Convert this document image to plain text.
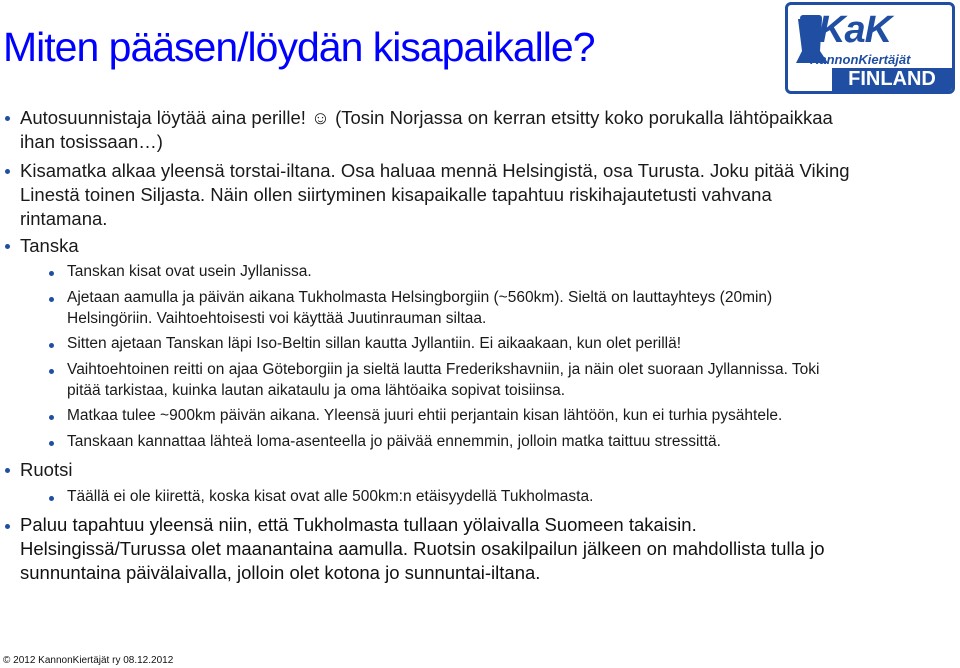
Miten pääsen/löydän kisapaikalle?	KaK
KannonKiertäjät
FINLAND

Autosuunnistaja löytää aina perille! ☺ (Tosin Norjassa on kerran etsitty koko porukalla lähtöpaikkaa

ihan tosissaan…)

Kisamatka alkaa yleensä torstai-iltana. Osa haluaa mennä Helsingistä, osa Turusta. Joku pitää Viking

Linestä toinen Siljasta. Näin ollen siirtyminen kisapaikalle tapahtuu riskihajautetusti vahvana

rintamana.

Tanska

Tanskan kisat ovat usein Jyllanissa.

Ajetaan aamulla ja päivän aikana Tukholmasta Helsingborgiin (~560km). Sieltä on lauttayhteys (20min)

Helsingöriin. Vaihtoehtoisesti voi käyttää Juutinrauman siltaa.

Sitten ajetaan Tanskan läpi Iso-Beltin sillan kautta Jyllantiin. Ei aikaakaan, kun olet perillä!

Vaihtoehtoinen reitti on ajaa Göteborgiin ja sieltä lautta Frederikshavniin, ja näin olet suoraan Jyllannissa. Toki

pitää tarkistaa, kuinka lautan aikataulu ja oma lähtöaika sopivat toisiinsa.

Matkaa tulee ~900km päivän aikana. Yleensä juuri ehtii perjantain kisan lähtöön, kun ei turhia pysähtele.

Tanskaan kannattaa lähteä loma-asenteella jo päivää ennemmin, jolloin matka taittuu stressittä.

Ruotsi

Täällä ei ole kiirettä, koska kisat ovat alle 500km:n etäisyydellä Tukholmasta.

Paluu tapahtuu yleensä niin, että Tukholmasta tullaan yölaivalla Suomeen takaisin.

Helsingissä/Turussa olet maanantaina aamulla. Ruotsin osakilpailun jälkeen on mahdollista tulla jo

sunnuntaina päivälaivalla, jolloin olet kotona jo sunnuntai-iltana.

© 2012 KannonKiertäjät ry 08.12.2012
